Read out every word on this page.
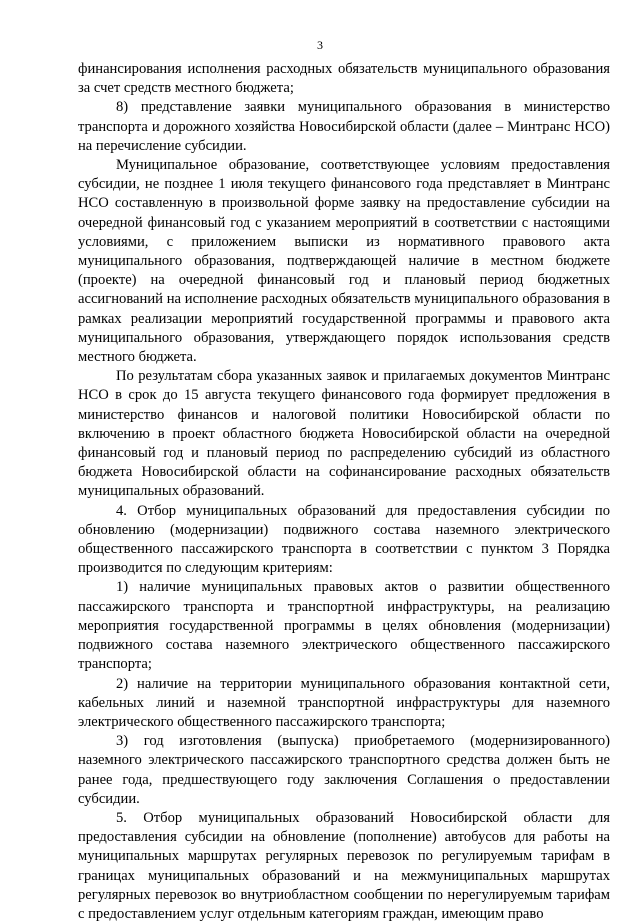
3

финансирования исполнения расходных обязательств муниципального образования за счет средств местного бюджета;

8) представление заявки муниципального образования в министерство транспорта и дорожного хозяйства Новосибирской области (далее – Минтранс НСО) на перечисление субсидии.

Муниципальное образование, соответствующее условиям предоставления субсидии, не позднее 1 июля текущего финансового года представляет в Минтранс НСО составленную в произвольной форме заявку на предоставление субсидии на очередной финансовый год с указанием мероприятий в соответствии с настоящими условиями, с приложением выписки из нормативного правового акта муниципального образования, подтверждающей наличие в местном бюджете (проекте) на очередной финансовый год и плановый период бюджетных ассигнований на исполнение расходных обязательств муниципального образования в рамках реализации мероприятий государственной программы и правового акта муниципального образования, утверждающего порядок использования средств местного бюджета.

По результатам сбора указанных заявок и прилагаемых документов Минтранс НСО в срок до 15 августа текущего финансового года формирует предложения в министерство финансов и налоговой политики Новосибирской области по включению в проект областного бюджета Новосибирской области на очередной финансовый год и плановый период по распределению субсидий из областного бюджета Новосибирской области на софинансирование расходных обязательств муниципальных образований.

4. Отбор муниципальных образований для предоставления субсидии по обновлению (модернизации) подвижного состава наземного электрического общественного пассажирского транспорта в соответствии с пунктом 3 Порядка производится по следующим критериям:

1) наличие муниципальных правовых актов о развитии общественного пассажирского транспорта и транспортной инфраструктуры, на реализацию мероприятия государственной программы в целях обновления (модернизации) подвижного состава наземного электрического общественного пассажирского транспорта;

2) наличие на территории муниципального образования контактной сети, кабельных линий и наземной транспортной инфраструктуры для наземного электрического общественного пассажирского транспорта;

3) год изготовления (выпуска) приобретаемого (модернизированного) наземного электрического пассажирского транспортного средства должен быть не ранее года, предшествующего году заключения Соглашения о предоставлении субсидии.

5. Отбор муниципальных образований Новосибирской области для предоставления субсидии на обновление (пополнение) автобусов для работы на муниципальных маршрутах регулярных перевозок по регулируемым тарифам в границах муниципальных образований и на межмуниципальных маршрутах регулярных перевозок во внутриобластном сообщении по нерегулируемым тарифам с предоставлением услуг отдельным категориям граждан, имеющим право
